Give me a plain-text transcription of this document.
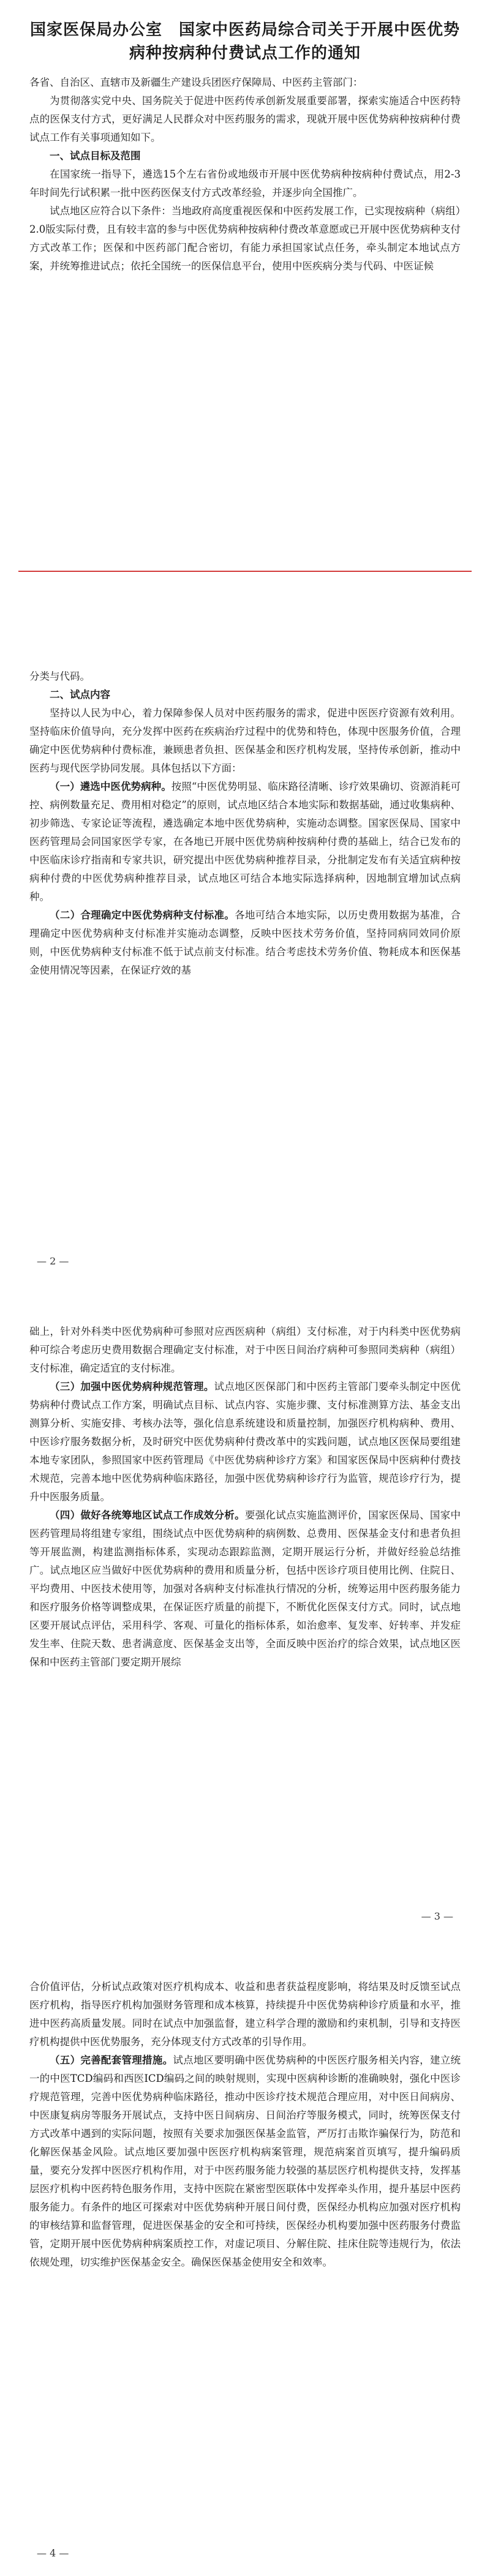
国家医保局办公室　国家中医药局综合司关于开展中医优势病种按病种付费试点工作的通知

各省、自治区、直辖市及新疆生产建设兵团医疗保障局、中医药主管部门：

为贯彻落实党中央、国务院关于促进中医药传承创新发展重要部署，探索实施适合中医药特点的医保支付方式，更好满足人民群众对中医药服务的需求，现就开展中医优势病种按病种付费试点工作有关事项通知如下。

一、试点目标及范围

在国家统一指导下，遴选15个左右省份或地级市开展中医优势病种按病种付费试点，用2-3年时间先行试积累一批中医药医保支付方式改革经验，并逐步向全国推广。

试点地区应符合以下条件：当地政府高度重视医保和中医药发展工作，已实现按病种（病组）2.0版实际付费，且有较丰富的参与中医优势病种按病种付费改革意愿或已开展中医优势病种支付方式改革工作；医保和中医药部门配合密切，有能力承担国家试点任务，牵头制定本地试点方案，并统筹推进试点；依托全国统一的医保信息平台，使用中医疾病分类与代码、中医证候

分类与代码。

二、试点内容

坚持以人民为中心，着力保障参保人员对中医药服务的需求，促进中医医疗资源有效利用。坚持临床价值导向，充分发挥中医药在疾病治疗过程中的优势和特色，体现中医服务价值，合理确定中医优势病种付费标准，兼顾患者负担、医保基金和医疗机构发展，坚持传承创新，推动中医药与现代医学协同发展。具体包括以下方面：

（一）遴选中医优势病种。按照“中医优势明显、临床路径清晰、诊疗效果确切、资源消耗可控、病例数量充足、费用相对稳定”的原则，试点地区结合本地实际和数据基础，通过收集病种、初步筛选、专家论证等流程，遴选确定本地中医优势病种，实施动态调整。国家医保局、国家中医药管理局会同国家医学专家，在各地已开展中医优势病种按病种付费的基础上，结合已发布的中医临床诊疗指南和专家共识，研究提出中医优势病种推荐目录，分批制定发布有关适宜病种按病种付费的中医优势病种推荐目录，试点地区可结合本地实际选择病种，因地制宜增加试点病种。

（二）合理确定中医优势病种支付标准。各地可结合本地实际，以历史费用数据为基准，合理确定中医优势病种支付标准并实施动态调整，反映中医技术劳务价值，坚持同病同效同价原则，中医优势病种支付标准不低于试点前支付标准。结合考虑技术劳务价值、物耗成本和医保基金使用情况等因素，在保证疗效的基

— 2 —

础上，针对外科类中医优势病种可参照对应西医病种（病组）支付标准，对于内科类中医优势病种可综合考虑历史费用数据合理确定支付标准，对于中医日间治疗病种可参照同类病种（病组）支付标准，确定适宜的支付标准。

（三）加强中医优势病种规范管理。试点地区医保部门和中医药主管部门要牵头制定中医优势病种付费试点工作方案，明确试点目标、试点内容、实施步骤、支付标准测算方法、基金支出测算分析、实施安排、考核办法等，强化信息系统建设和质量控制，加强医疗机构病种、费用、中医诊疗服务数据分析，及时研究中医优势病种付费改革中的实践问题，试点地区医保局要组建本地专家团队，参照国家中医药管理局《中医优势病种诊疗方案》和国家医保局中医病种付费技术规范，完善本地中医优势病种临床路径，加强中医优势病种诊疗行为监管，规范诊疗行为，提升中医服务质量。

（四）做好各统筹地区试点工作成效分析。要强化试点实施监测评价，国家医保局、国家中医药管理局将组建专家组，围绕试点中医优势病种的病例数、总费用、医保基金支付和患者负担等开展监测，构建监测指标体系，实现动态跟踪监测，定期开展运行分析，并做好经验总结推广。试点地区应当做好中医优势病种的费用和质量分析，包括中医诊疗项目使用比例、住院日、平均费用、中医技术使用等，加强对各病种支付标准执行情况的分析，统筹运用中医药服务能力和医疗服务价格等调整成果，在保证医疗质量的前提下，不断优化医保支付方式。同时，试点地区要开展试点评估，采用科学、客观、可量化的指标体系，如治愈率、复发率、好转率、并发症发生率、住院天数、患者满意度、医保基金支出等，全面反映中医治疗的综合效果，试点地区医保和中医药主管部门要定期开展综

— 3 —

合价值评估，分析试点政策对医疗机构成本、收益和患者获益程度影响，将结果及时反馈至试点医疗机构，指导医疗机构加强财务管理和成本核算，持续提升中医优势病种诊疗质量和水平，推进中医药高质量发展。同时在试点中加强监督，建立科学合理的激励和约束机制，引导和支持医疗机构提供中医优势服务，充分体现支付方式改革的引导作用。

（五）完善配套管理措施。试点地区要明确中医优势病种的中医医疗服务相关内容，建立统一的中医TCD编码和西医ICD编码之间的映射规则，实现中医病种诊断的准确映射，强化中医诊疗规范管理，完善中医优势病种临床路径，推动中医诊疗技术规范合理应用，对中医日间病房、中医康复病房等服务开展试点，支持中医日间病房、日间治疗等服务模式，同时，统筹医保支付方式改革中遇到的实际问题，按照有关要求加强医保基金监管，严厉打击欺诈骗保行为，防范和化解医保基金风险。试点地区要加强中医医疗机构病案管理，规范病案首页填写，提升编码质量，要充分发挥中医医疗机构作用，对于中医药服务能力较强的基层医疗机构提供支持，发挥基层医疗机构中医药特色服务作用，支持中医院在紧密型医联体中发挥牵头作用，提升基层中医药服务能力。有条件的地区可探索对中医优势病种开展日间付费，医保经办机构应加强对医疗机构的审核结算和监督管理，促进医保基金的安全和可持续，医保经办机构要加强中医药服务付费监管，定期开展中医优势病种病案质控工作，对虚记项目、分解住院、挂床住院等违规行为，依法依规处理，切实维护医保基金安全。确保医保基金使用安全和效率。

— 4 —
